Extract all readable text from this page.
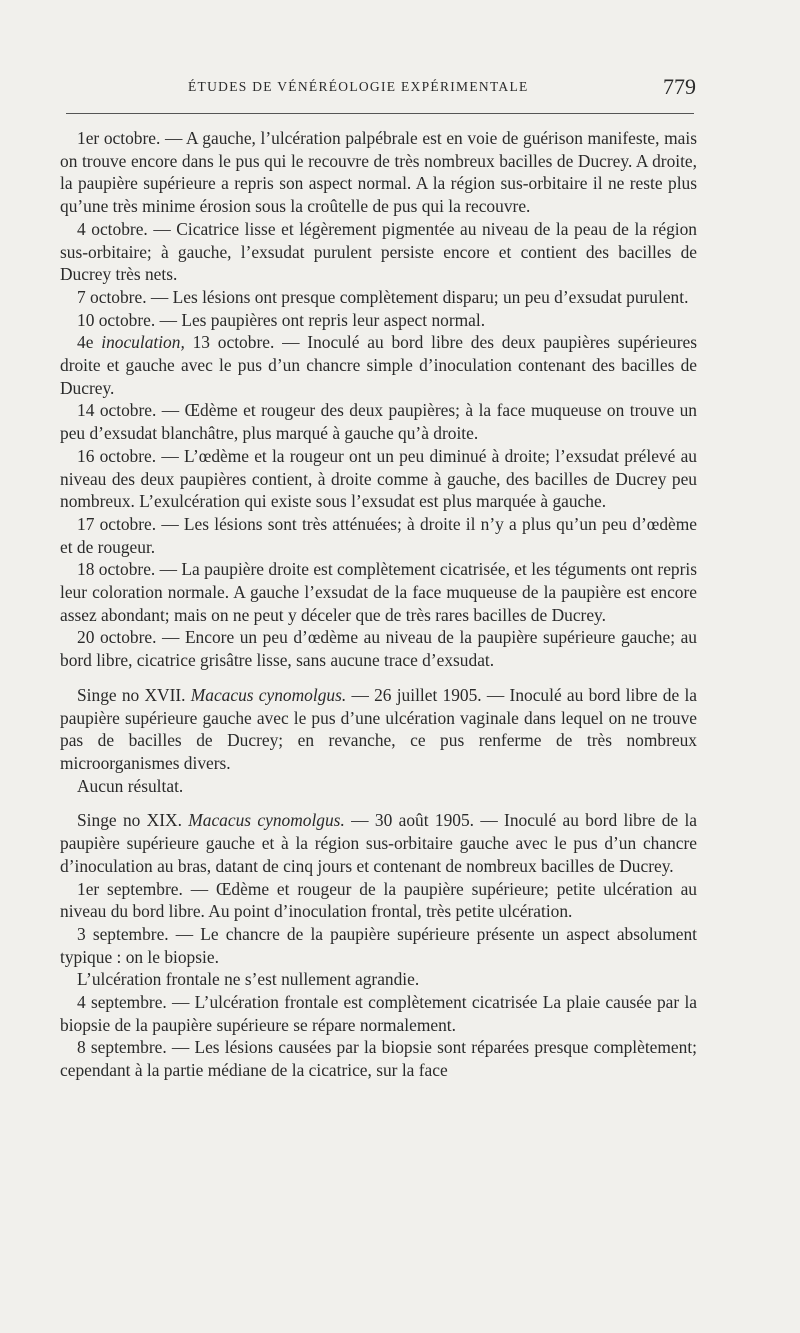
ÉTUDES DE VÉNÉRÉOLOGIE EXPÉRIMENTALE	779

1er octobre. — A gauche, l’ulcération palpébrale est en voie de guérison manifeste, mais on trouve encore dans le pus qui le recouvre de très nombreux bacilles de Ducrey. A droite, la paupière supérieure a repris son aspect normal. A la région sus-orbitaire il ne reste plus qu’une très minime érosion sous la croûtelle de pus qui la recouvre.

4 octobre. — Cicatrice lisse et légèrement pigmentée au niveau de la peau de la région sus-orbitaire; à gauche, l’exsudat purulent persiste encore et contient des bacilles de Ducrey très nets.

7 octobre. — Les lésions ont presque complètement disparu; un peu d’exsudat purulent.

10 octobre. — Les paupières ont repris leur aspect normal.

4e inoculation, 13 octobre. — Inoculé au bord libre des deux paupières supérieures droite et gauche avec le pus d’un chancre simple d’inoculation contenant des bacilles de Ducrey.

14 octobre. — Œdème et rougeur des deux paupières; à la face muqueuse on trouve un peu d’exsudat blanchâtre, plus marqué à gauche qu’à droite.

16 octobre. — L’œdème et la rougeur ont un peu diminué à droite; l’exsudat prélevé au niveau des deux paupières contient, à droite comme à gauche, des bacilles de Ducrey peu nombreux. L’exulcération qui existe sous l’exsudat est plus marquée à gauche.

17 octobre. — Les lésions sont très atténuées; à droite il n’y a plus qu’un peu d’œdème et de rougeur.

18 octobre. — La paupière droite est complètement cicatrisée, et les téguments ont repris leur coloration normale. A gauche l’exsudat de la face muqueuse de la paupière est encore assez abondant; mais on ne peut y déceler que de très rares bacilles de Ducrey.

20 octobre. — Encore un peu d’œdème au niveau de la paupière supérieure gauche; au bord libre, cicatrice grisâtre lisse, sans aucune trace d’exsudat.

Singe no XVII. Macacus cynomolgus. — 26 juillet 1905. — Inoculé au bord libre de la paupière supérieure gauche avec le pus d’une ulcération vaginale dans lequel on ne trouve pas de bacilles de Ducrey; en revanche, ce pus renferme de très nombreux microorganismes divers.

Aucun résultat.

Singe no XIX. Macacus cynomolgus. — 30 août 1905. — Inoculé au bord libre de la paupière supérieure gauche et à la région sus-orbitaire gauche avec le pus d’un chancre d’inoculation au bras, datant de cinq jours et contenant de nombreux bacilles de Ducrey.

1er septembre. — Œdème et rougeur de la paupière supérieure; petite ulcération au niveau du bord libre. Au point d’inoculation frontal, très petite ulcération.

3 septembre. — Le chancre de la paupière supérieure présente un aspect absolument typique : on le biopsie.

L’ulcération frontale ne s’est nullement agrandie.

4 septembre. — L’ulcération frontale est complètement cicatrisée La plaie causée par la biopsie de la paupière supérieure se répare normalement.

8 septembre. — Les lésions causées par la biopsie sont réparées presque complètement; cependant à la partie médiane de la cicatrice, sur la face
